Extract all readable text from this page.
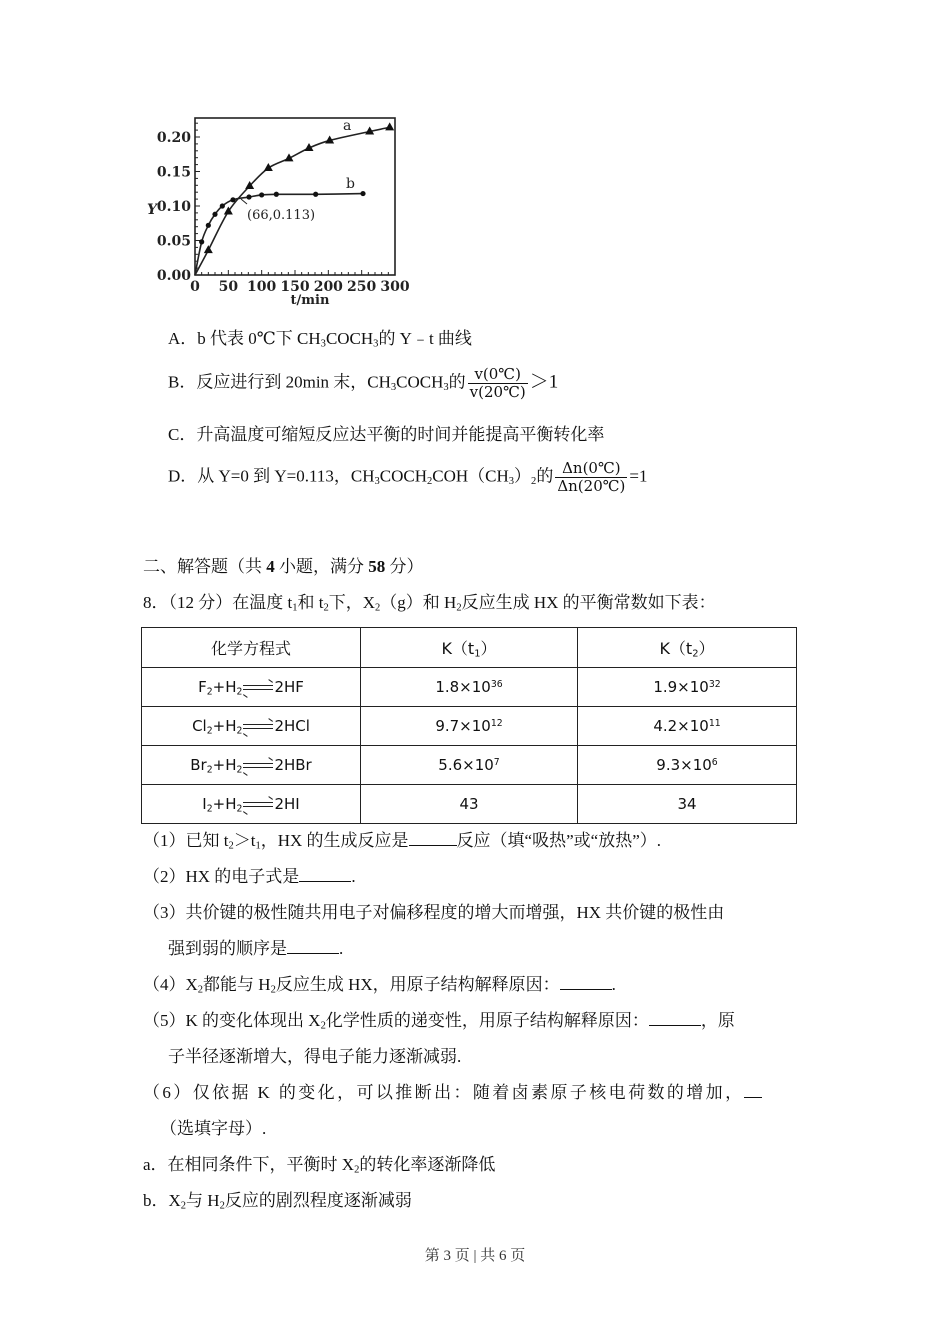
0 50 100 150 200 250 300
0.00
0.05
0.10
0.15
0.20
t/min
Y
a
b
(66,0.113)
A．b 代表 0℃下 $CH_3COCH_3$的 Y﹣t 曲线
B．反应进行到 20min 末，$CH_3COCH_3$的 $\frac{v(0℃)}{v(20℃)} >1$
C．升高温度可缩短反应达平衡的时间并能提高平衡转化率
D．从 Y=0 到 Y=0.113，$CH_3COCH_2COH(CH_3)_2$的 $\frac{\Delta n(0℃)}{\Delta n(20℃)} =1$
二、解答题（共 4 小题，满分 58 分）
8．（12 分）在温度 $t_1$和 $t_2$下，$X_2(g)$和 $H_2$反应生成 HX 的平衡常数如下表：
化学方程式	$K(t_1)$	$K(t_2)$
$F_2+H_2\to 2HF$	$1.8\times 10^{36}$	$1.9\times 10^{32}$
$Cl_2+H_2\to 2HCl$	$9.7\times 10^{12}$	$4.2\times 10^{11}$
$Br_2+H_2\to 2HBr$	$5.6\times 10^7$	$9.3\times 10^6$
$I_2+H_2\to 2HI$	43	34
（1）已知 $t_2>t_1$，HX 的生成反应是	反应（填“吸热”或“放热”）.
（2）HX 的电子式是	.
（3）共价键的极性随共用电子对偏移程度的增大而增强，HX 共价键的极性由
强到弱的顺序是	.
$(4)X_2$都能与 $H_2$反应生成 HX，用原子结构解释原因：	.
（5）K 的变化体现出 $X_2$化学性质的递变性，用原子结构解释原因：	，原
子半径逐渐增大，得电子能力逐渐减弱.
（6）仅依据 K 的变化，可以推断出：随着卤素原子核电荷数的增加，
（选填字母）.
a．在相同条件下，平衡时 $X_2$的转化率逐渐降低
b．$X_2$与 $H_2$反应的剧烈程度逐渐减弱
第 3 页 | 共 6 页
